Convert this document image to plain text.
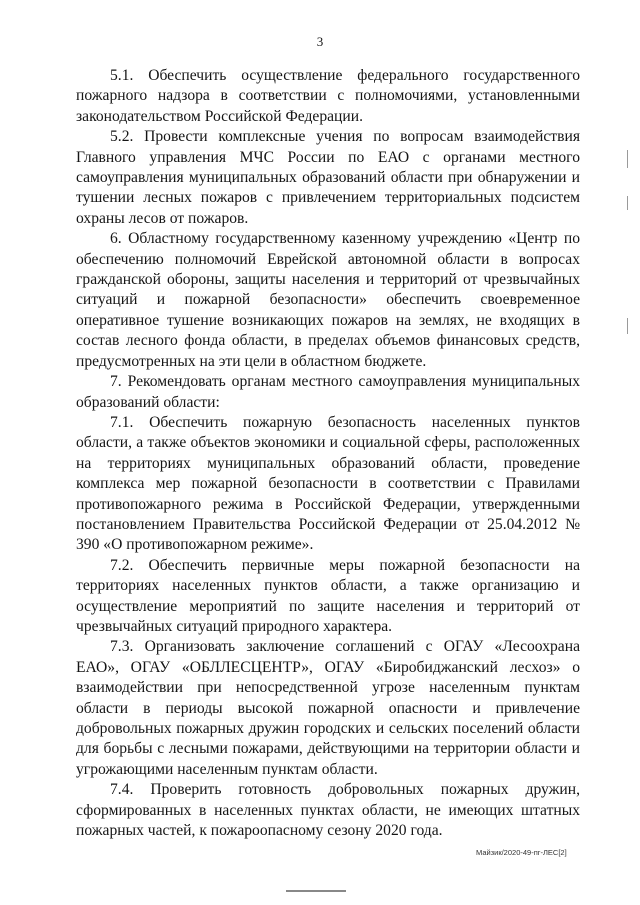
3

5.1. Обеспечить осуществление федерального государственного пожарного надзора в соответствии с полномочиями, установленными законодательством Российской Федерации.

5.2. Провести комплексные учения по вопросам взаимодействия Главного управления МЧС России по ЕАО с органами местного самоуправления муниципальных образований области при обнаружении и тушении лесных пожаров с привлечением территориальных подсистем охраны лесов от пожаров.

6. Областному государственному казенному учреждению «Центр по обеспечению полномочий Еврейской автономной области в вопросах гражданской обороны, защиты населения и территорий от чрезвычайных ситуаций и пожарной безопасности» обеспечить своевременное оперативное тушение возникающих пожаров на землях, не входящих в состав лесного фонда области, в пределах объемов финансовых средств, предусмотренных на эти цели в областном бюджете.

7. Рекомендовать органам местного самоуправления муниципальных образований области:

7.1. Обеспечить пожарную безопасность населенных пунктов области, а также объектов экономики и социальной сферы, расположенных на территориях муниципальных образований области, проведение комплекса мер пожарной безопасности в соответствии с Правилами противопожарного режима в Российской Федерации, утвержденными постановлением Правительства Российской Федерации от 25.04.2012 № 390 «О противопожарном режиме».

7.2. Обеспечить первичные меры пожарной безопасности на территориях населенных пунктов области, а также организацию и осуществление мероприятий по защите населения и территорий от чрезвычайных ситуаций природного характера.

7.3. Организовать заключение соглашений с ОГАУ «Лесоохрана ЕАО», ОГАУ «ОБЛЛЕСЦЕНТР», ОГАУ «Биробиджанский лесхоз» о взаимодействии при непосредственной угрозе населенным пунктам области в периоды высокой пожарной опасности и привлечение добровольных пожарных дружин городских и сельских поселений области для борьбы с лесными пожарами, действующими на территории области и угрожающими населенным пунктам области.

7.4. Проверить готовность добровольных пожарных дружин, сформированных в населенных пунктах области, не имеющих штатных пожарных частей, к пожароопасному сезону 2020 года.

Майзик/2020-49-пг-ЛЕС[2]
